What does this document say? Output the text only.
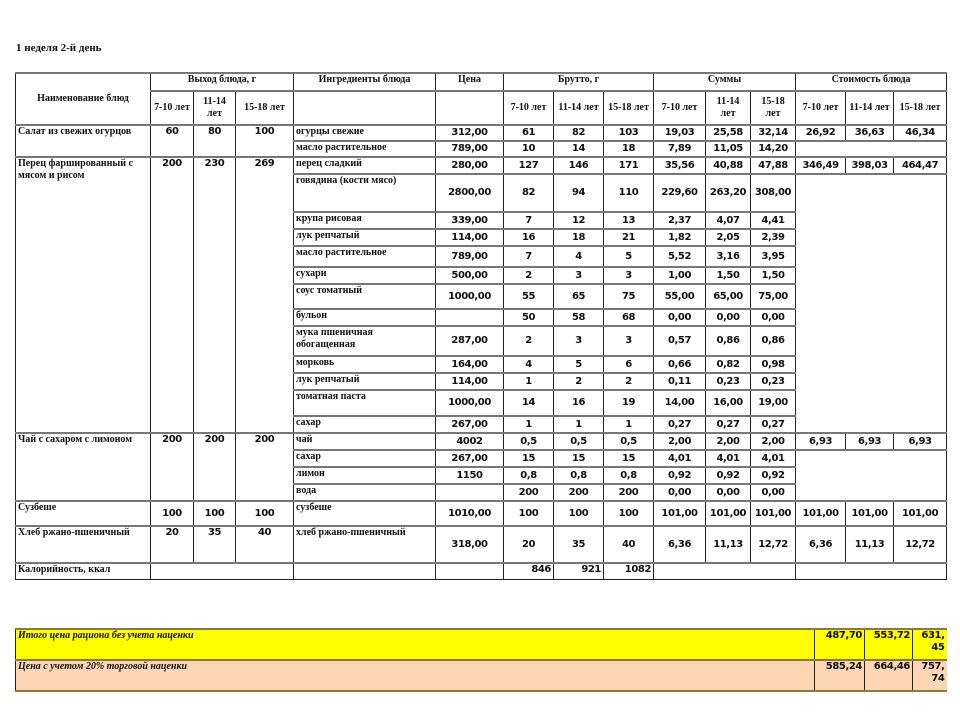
1 неделя 2-й день
Наименование блюд	Выход блюда, г			Ингредиенты блюда	Цена	Брутто, г			Суммы			Стоимость блюда		
	7-10 лет	11-14 лет	15-18 лет			7-10 лет	11-14 лет	15-18 лет	7-10 лет	11-14 лет	15-18 лет	7-10 лет	11-14 лет	15-18 лет
Салат из свежих огурцов	60	80	100	огурцы свежие	312,00	61	82	103	19,03	25,58	32,14	26,92	36,63	46,34
				масло растительное	789,00	10	14	18	7,89	11,05	14,20			
Перец фаршированный с мясом и рисом	200	230	269	перец сладкий	280,00	127	146	171	35,56	40,88	47,88	346,49	398,03	464,47
				говядина (кости мясо)	2800,00	82	94	110	229,60	263,20	308,00			
				крупа рисовая	339,00	7	12	13	2,37	4,07	4,41			
				лук репчатый	114,00	16	18	21	1,82	2,05	2,39			
				масло растительное	789,00	7	4	5	5,52	3,16	3,95			
				сухари	500,00	2	3	3	1,00	1,50	1,50			
				соус томатный	1000,00	55	65	75	55,00	65,00	75,00			
				бульон		50	58	68	0,00	0,00	0,00			
				мука пшеничная обогащенная	287,00	2	3	3	0,57	0,86	0,86			
				морковь	164,00	4	5	6	0,66	0,82	0,98			
				лук репчатый	114,00	1	2	2	0,11	0,23	0,23			
				томатная паста	1000,00	14	16	19	14,00	16,00	19,00			
				сахар	267,00	1	1	1	0,27	0,27	0,27			
Чай с сахаром с лимоном	200	200	200	чай	4002	0,5	0,5	0,5	2,00	2,00	2,00	6,93	6,93	6,93
				сахар	267,00	15	15	15	4,01	4,01	4,01			
				лимон	1150	0,8	0,8	0,8	0,92	0,92	0,92			
				вода		200	200	200	0,00	0,00	0,00			
Сузбеше	100	100	100	сузбеше	1010,00	100	100	100	101,00	101,00	101,00	101,00	101,00	101,00
Хлеб ржано-пшеничный	20	35	40	хлеб ржано-пшеничный	318,00	20	35	40	6,36	11,13	12,72	6,36	11,13	12,72
Калорийность, ккал						846	921	1082						
Итого цена рациона без учета наценки	487,70	553,72	631,45
Цена с учетом 20% торговой наценки	585,24	664,46	757,74
